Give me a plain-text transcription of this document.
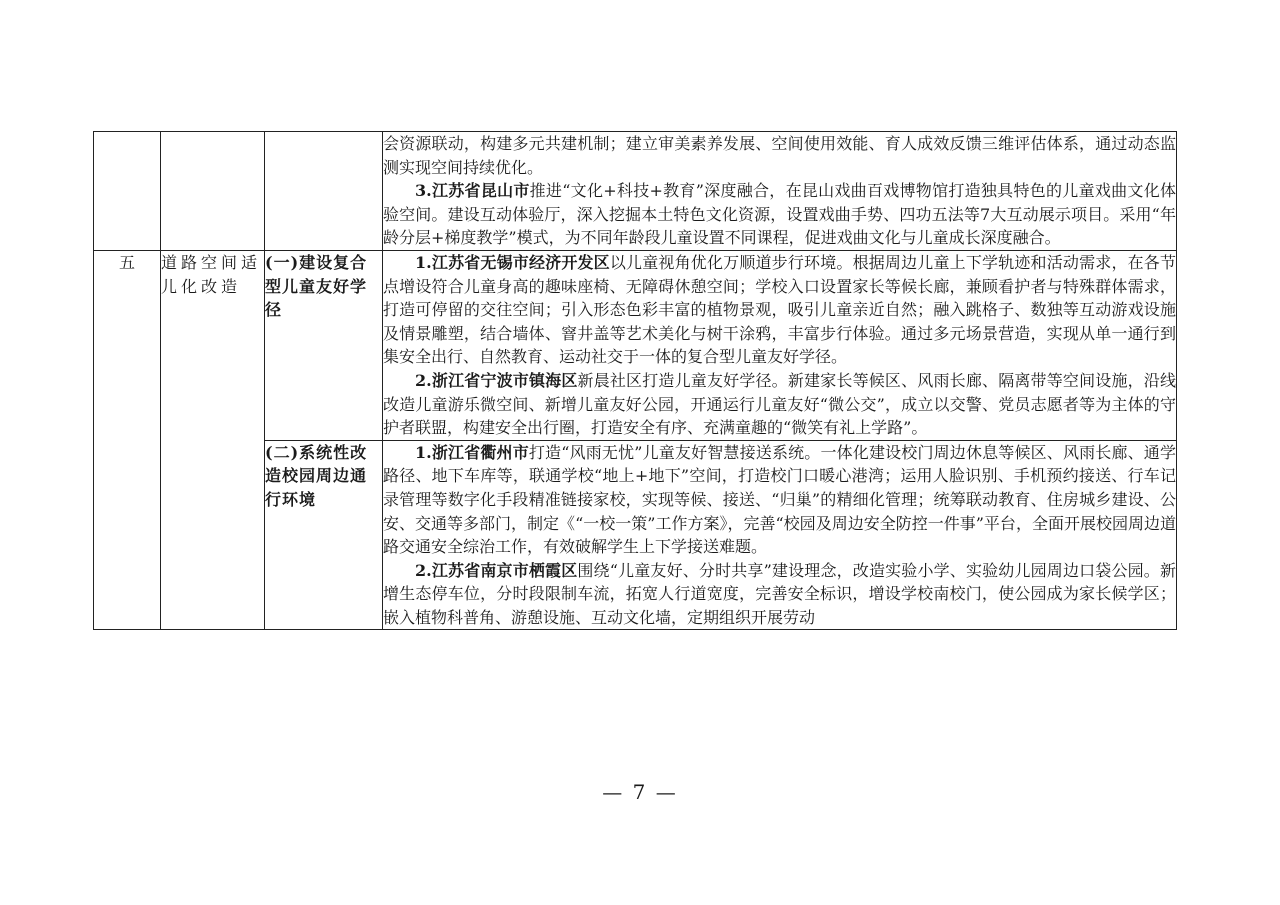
			会资源联动，构建多元共建机制；建立审美素养发展、空间使用效能、育人成效反馈三维评估体系，通过动态监测实现空间持续优化。

3.江苏省昆山市推进“文化+科技+教育”深度融合，在昆山戏曲百戏博物馆打造独具特色的儿童戏曲文化体验空间。建设互动体验厅，深入挖掘本土特色文化资源，设置戏曲手势、四功五法等7大互动展示项目。采用“年龄分层+梯度教学”模式，为不同年龄段儿童设置不同课程，促进戏曲文化与儿童成长深度融合。

五	道路空间适儿化改造	(一)建设复合型儿童友好学径	1.江苏省无锡市经济开发区以儿童视角优化万顺道步行环境。根据周边儿童上下学轨迹和活动需求，在各节点增设符合儿童身高的趣味座椅、无障碍休憩空间；学校入口设置家长等候长廊，兼顾看护者与特殊群体需求，打造可停留的交往空间；引入形态色彩丰富的植物景观，吸引儿童亲近自然；融入跳格子、数独等互动游戏设施及情景雕塑，结合墙体、窨井盖等艺术美化与树干涂鸦，丰富步行体验。通过多元场景营造，实现从单一通行到集安全出行、自然教育、运动社交于一体的复合型儿童友好学径。

2.浙江省宁波市镇海区新晨社区打造儿童友好学径。新建家长等候区、风雨长廊、隔离带等空间设施，沿线改造儿童游乐微空间、新增儿童友好公园，开通运行儿童友好“微公交”，成立以交警、党员志愿者等为主体的守护者联盟，构建安全出行圈，打造安全有序、充满童趣的“微笑有礼上学路”。

		(二)系统性改造校园周边通行环境	1.浙江省衢州市打造“风雨无忧”儿童友好智慧接送系统。一体化建设校门周边休息等候区、风雨长廊、通学路径、地下车库等，联通学校“地上+地下”空间，打造校门口暖心港湾；运用人脸识别、手机预约接送、行车记录管理等数字化手段精准链接家校，实现等候、接送、“归巢”的精细化管理；统筹联动教育、住房城乡建设、公安、交通等多部门，制定《“一校一策”工作方案》，完善“校园及周边安全防控一件事”平台，全面开展校园周边道路交通安全综治工作，有效破解学生上下学接送难题。

2.江苏省南京市栖霞区围绕“儿童友好、分时共享”建设理念，改造实验小学、实验幼儿园周边口袋公园。新增生态停车位，分时段限制车流，拓宽人行道宽度，完善安全标识，增设学校南校门，使公园成为家长候学区；嵌入植物科普角、游憩设施、互动文化墙，定期组织开展劳动

— 7 —
